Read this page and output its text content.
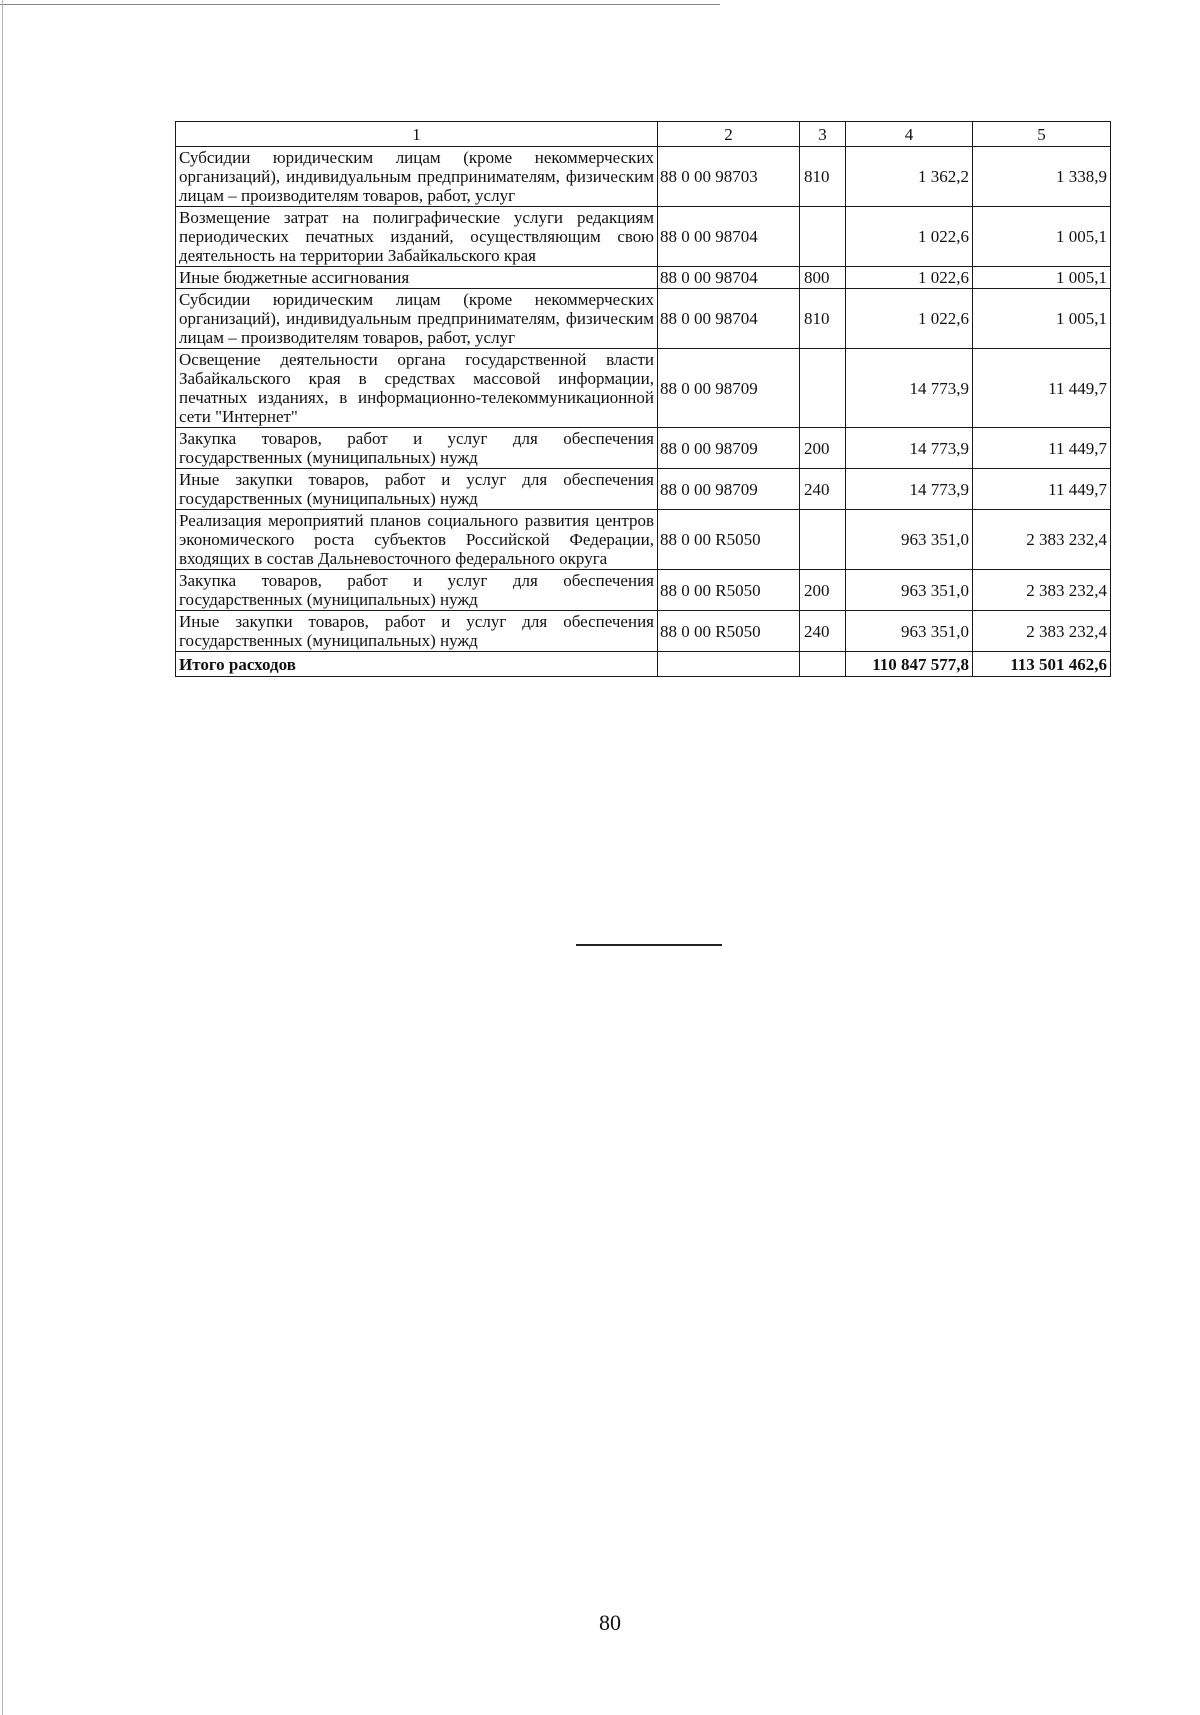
1	2	3	4	5
Субсидии юридическим лицам (кроме некоммерческих организаций), индивидуальным предпринимателям, физическим лицам – производителям товаров, работ, услуг	88 0 00 98703	810	1 362,2	1 338,9
Возмещение затрат на полиграфические услуги редакциям периодических печатных изданий, осуществляющим свою деятельность на территории Забайкальского края	88 0 00 98704		1 022,6	1 005,1
Иные бюджетные ассигнования	88 0 00 98704	800	1 022,6	1 005,1
Субсидии юридическим лицам (кроме некоммерческих организаций), индивидуальным предпринимателям, физическим лицам – производителям товаров, работ, услуг	88 0 00 98704	810	1 022,6	1 005,1
Освещение деятельности органа государственной власти Забайкальского края в средствах массовой информации, печатных изданиях, в информационно-телекоммуникационной сети "Интернет"	88 0 00 98709		14 773,9	11 449,7
Закупка товаров, работ и услуг для обеспечения государственных (муниципальных) нужд	88 0 00 98709	200	14 773,9	11 449,7
Иные закупки товаров, работ и услуг для обеспечения государственных (муниципальных) нужд	88 0 00 98709	240	14 773,9	11 449,7
Реализация мероприятий планов социального развития центров экономического роста субъектов Российской Федерации, входящих в состав Дальневосточного федерального округа	88 0 00 R5050		963 351,0	2 383 232,4
Закупка товаров, работ и услуг для обеспечения государственных (муниципальных) нужд	88 0 00 R5050	200	963 351,0	2 383 232,4
Иные закупки товаров, работ и услуг для обеспечения государственных (муниципальных) нужд	88 0 00 R5050	240	963 351,0	2 383 232,4
Итого расходов			110 847 577,8	113 501 462,6
80
